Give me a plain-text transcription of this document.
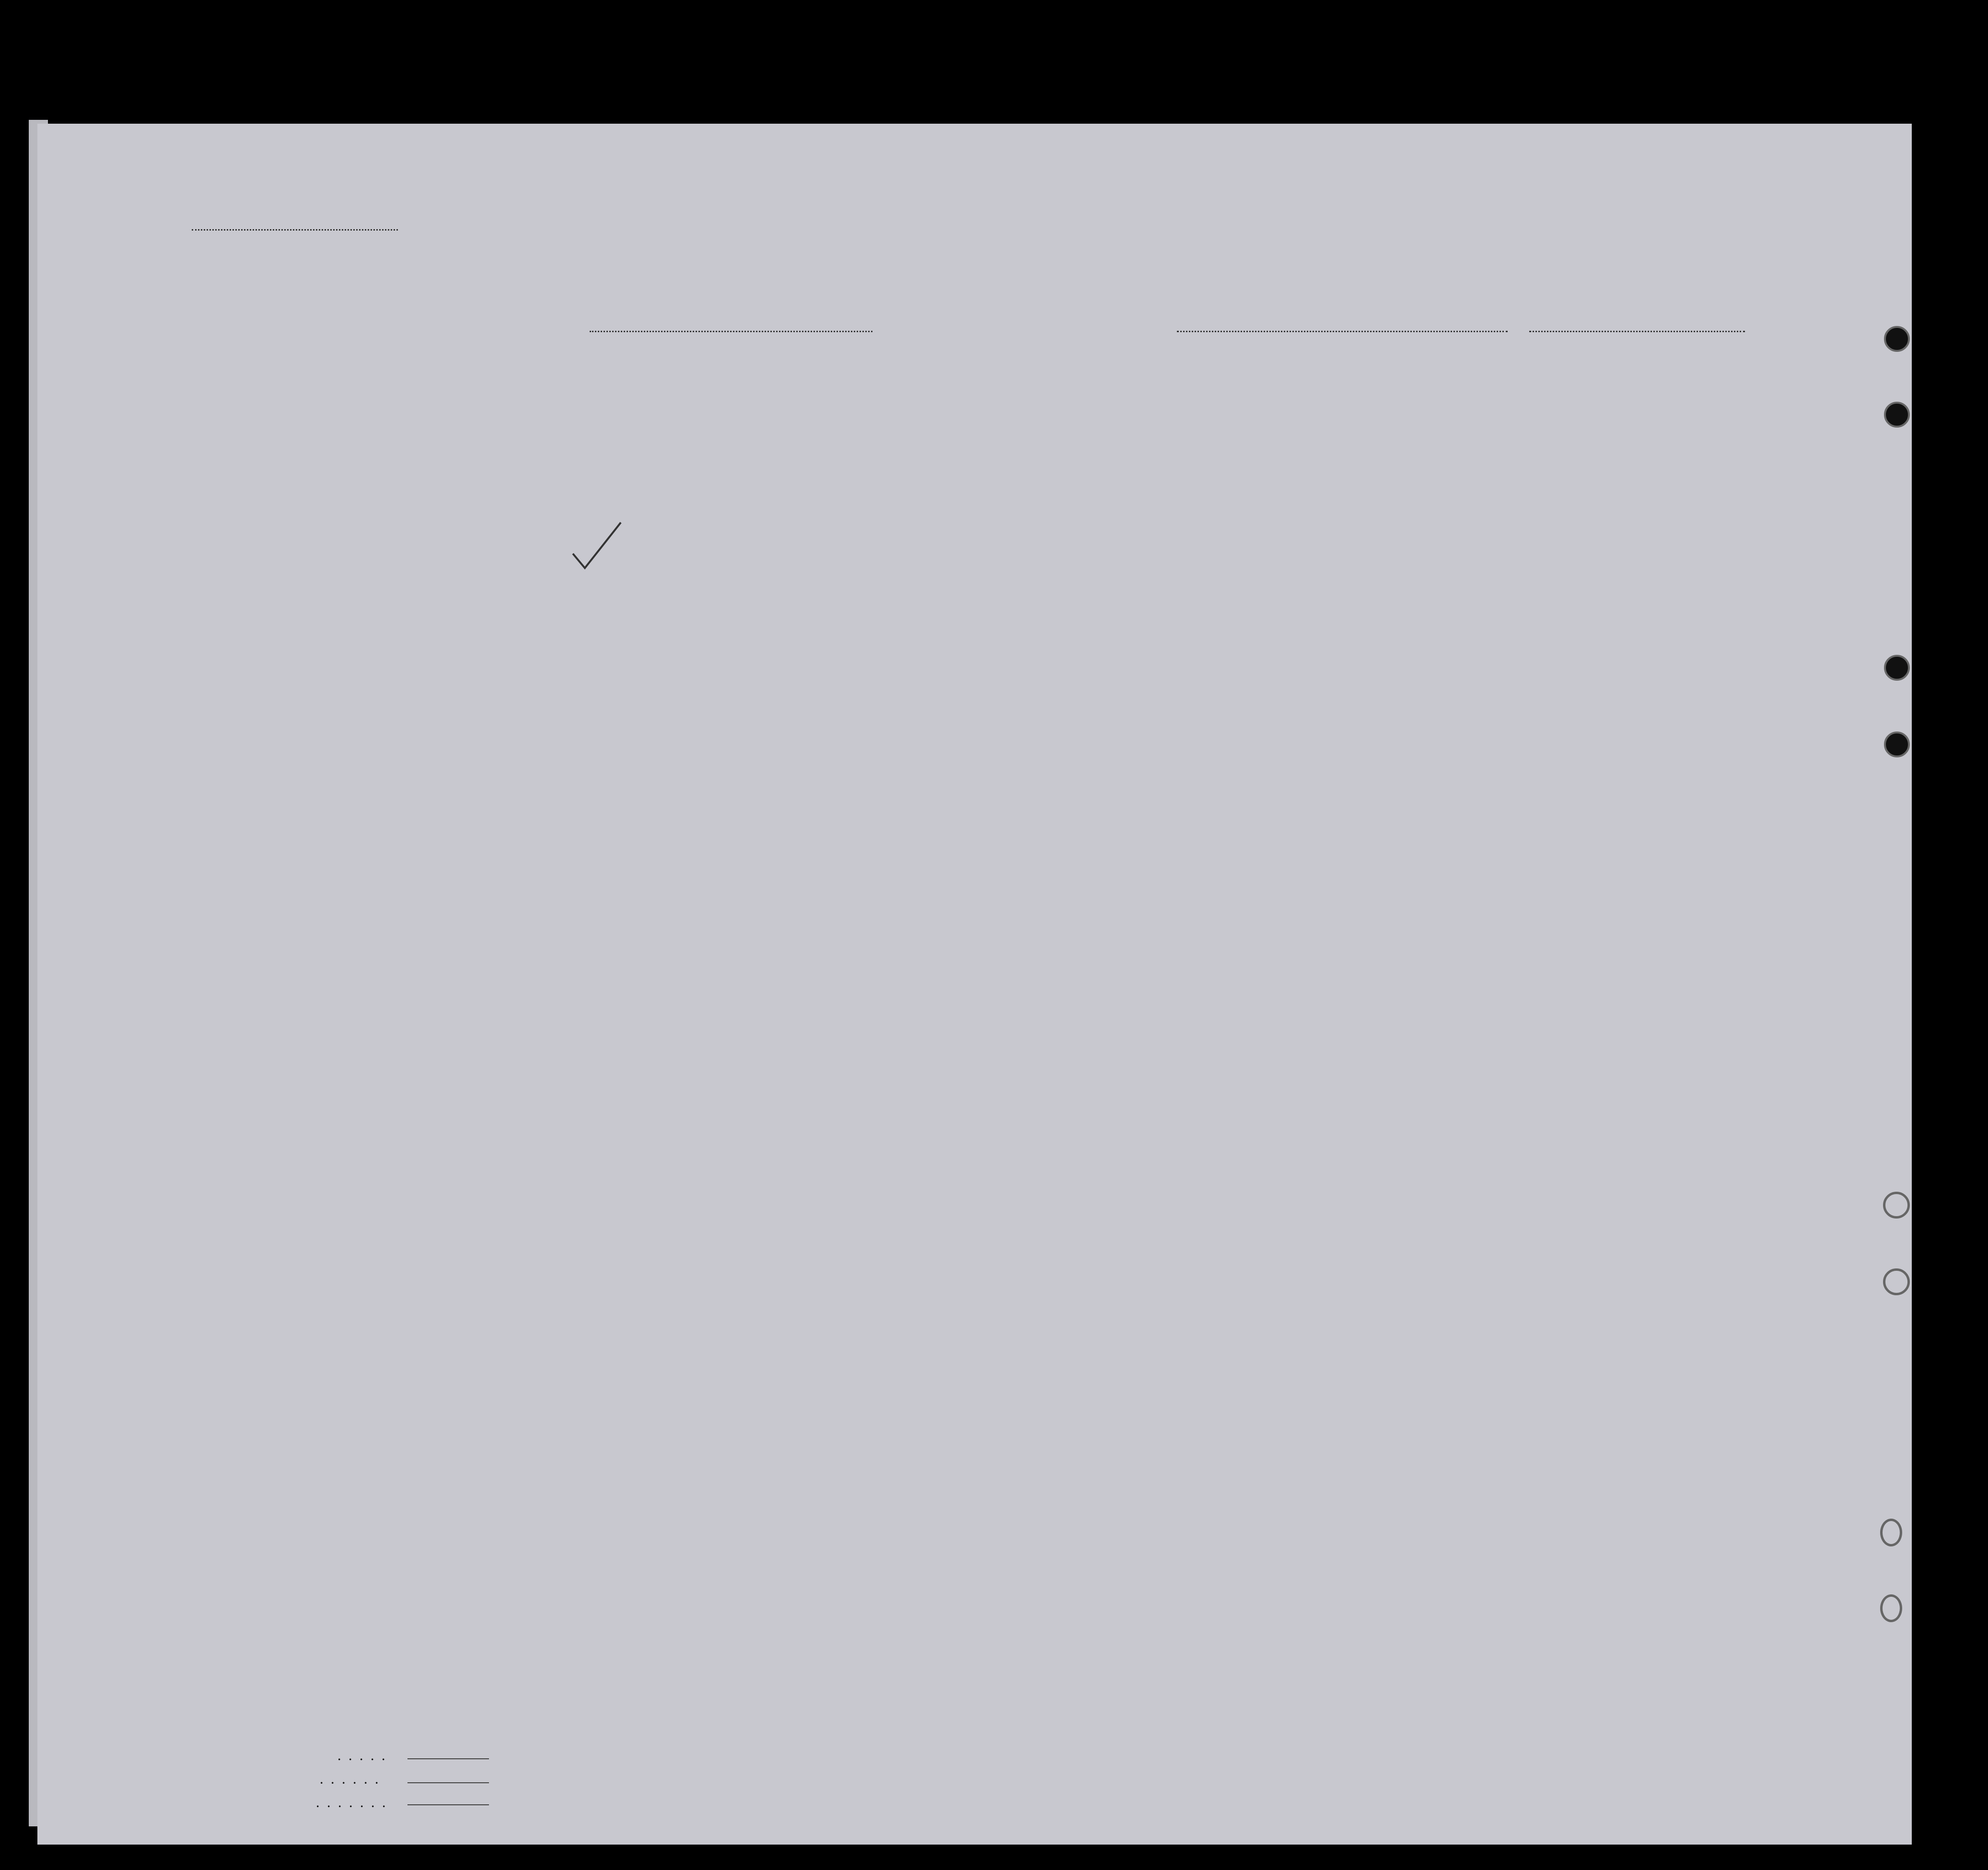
. . . . .
. . . . . .
. . . . . . .
